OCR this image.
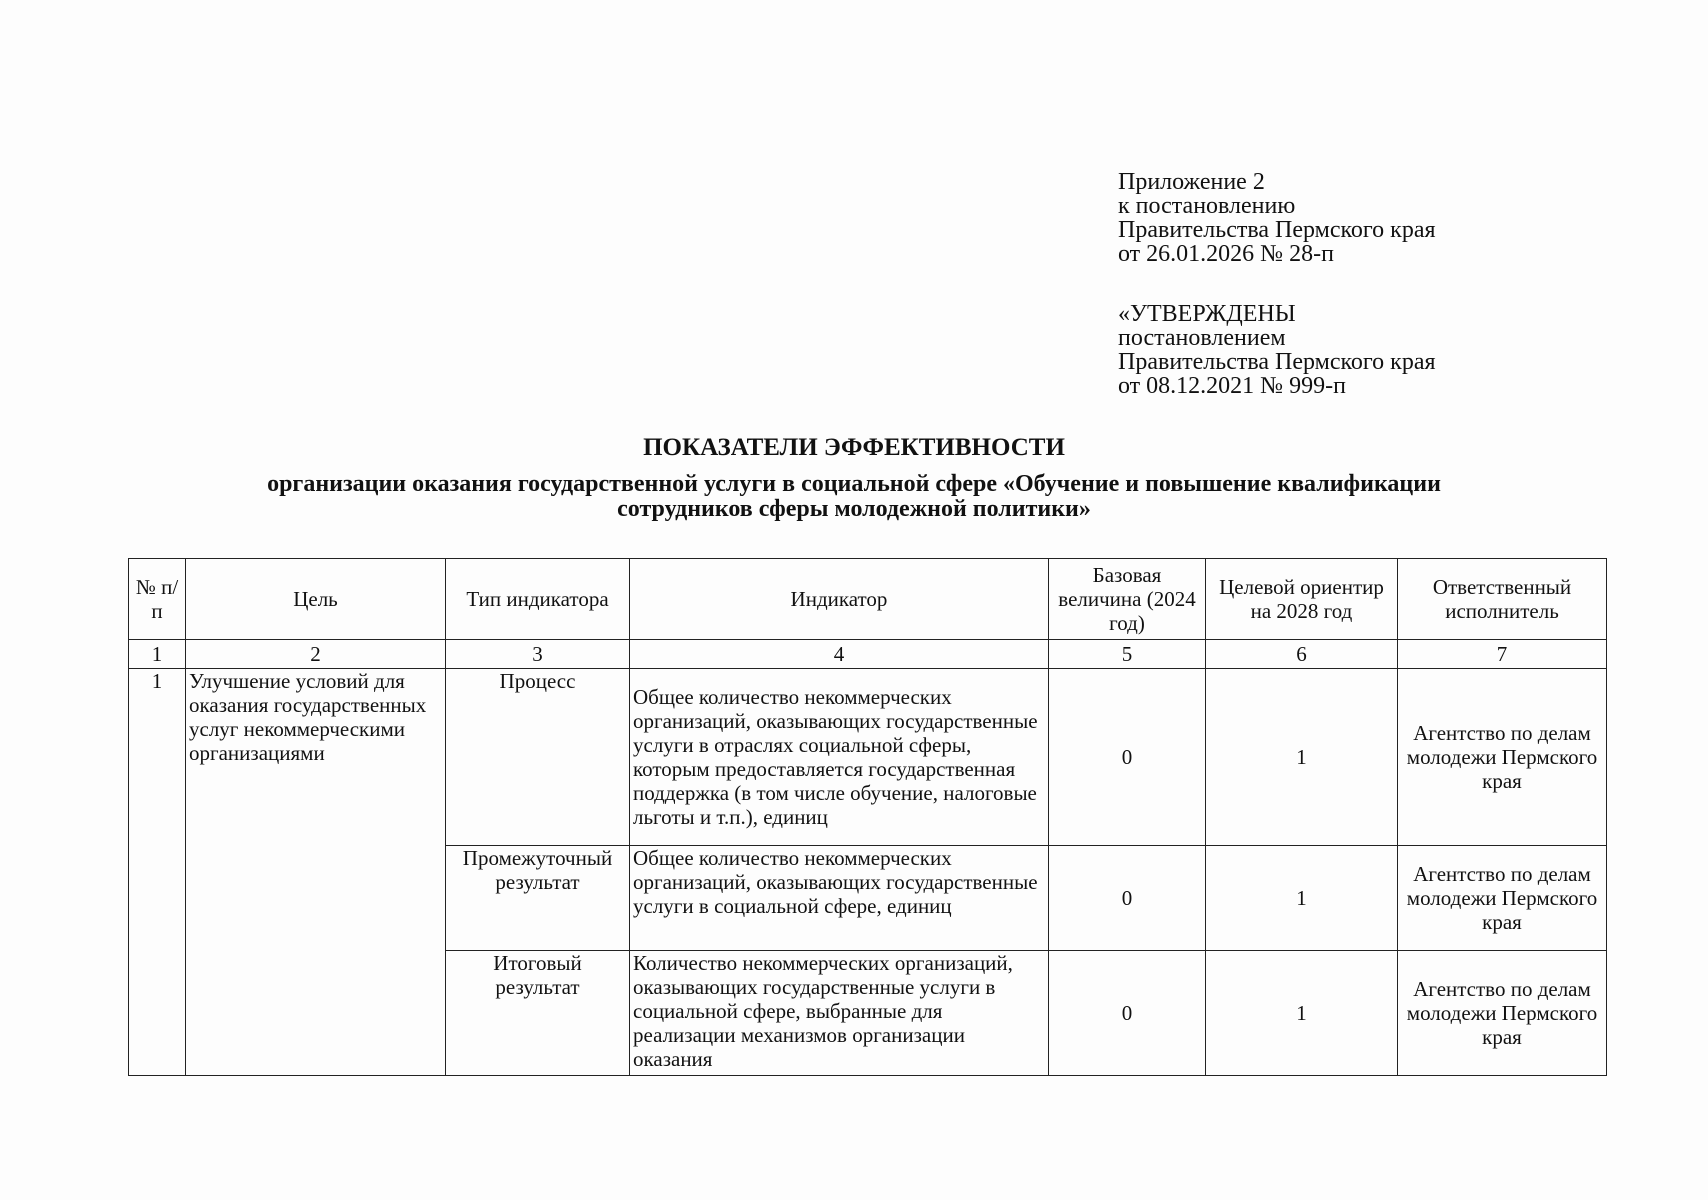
Приложение 2
к постановлению
Правительства Пермского края
от 26.01.2026 № 28-п
«УТВЕРЖДЕНЫ
постановлением
Правительства Пермского края
от 08.12.2021 № 999-п
ПОКАЗАТЕЛИ ЭФФЕКТИВНОСТИ
организации оказания государственной услуги в социальной сфере «Обучение и повышение квалификации
сотрудников сферы молодежной политики»
№ п/п	Цель	Тип индикатора	Индикатор	Базовая величина (2024 год)	Целевой ориентир на 2028 год	Ответственный исполнитель
1	2	3	4	5	6	7
1	Улучшение условий для оказания государственных услуг некоммерческими организациями	Процесс	Общее количество некоммерческих организаций, оказывающих государственные услуги в отраслях социальной сферы, которым предоставляется государственная поддержка (в том числе обучение, налоговые льготы и т.п.), единиц	0	1	Агентство по делам молодежи Пермского края
		Промежуточный результат	Общее количество некоммерческих организаций, оказывающих государственные услуги в социальной сфере, единиц	0	1	Агентство по делам молодежи Пермского края
		Итоговый результат	Количество некоммерческих организаций, оказывающих государственные услуги в социальной сфере, выбранные для реализации механизмов организации оказания	0	1	Агентство по делам молодежи Пермского края
